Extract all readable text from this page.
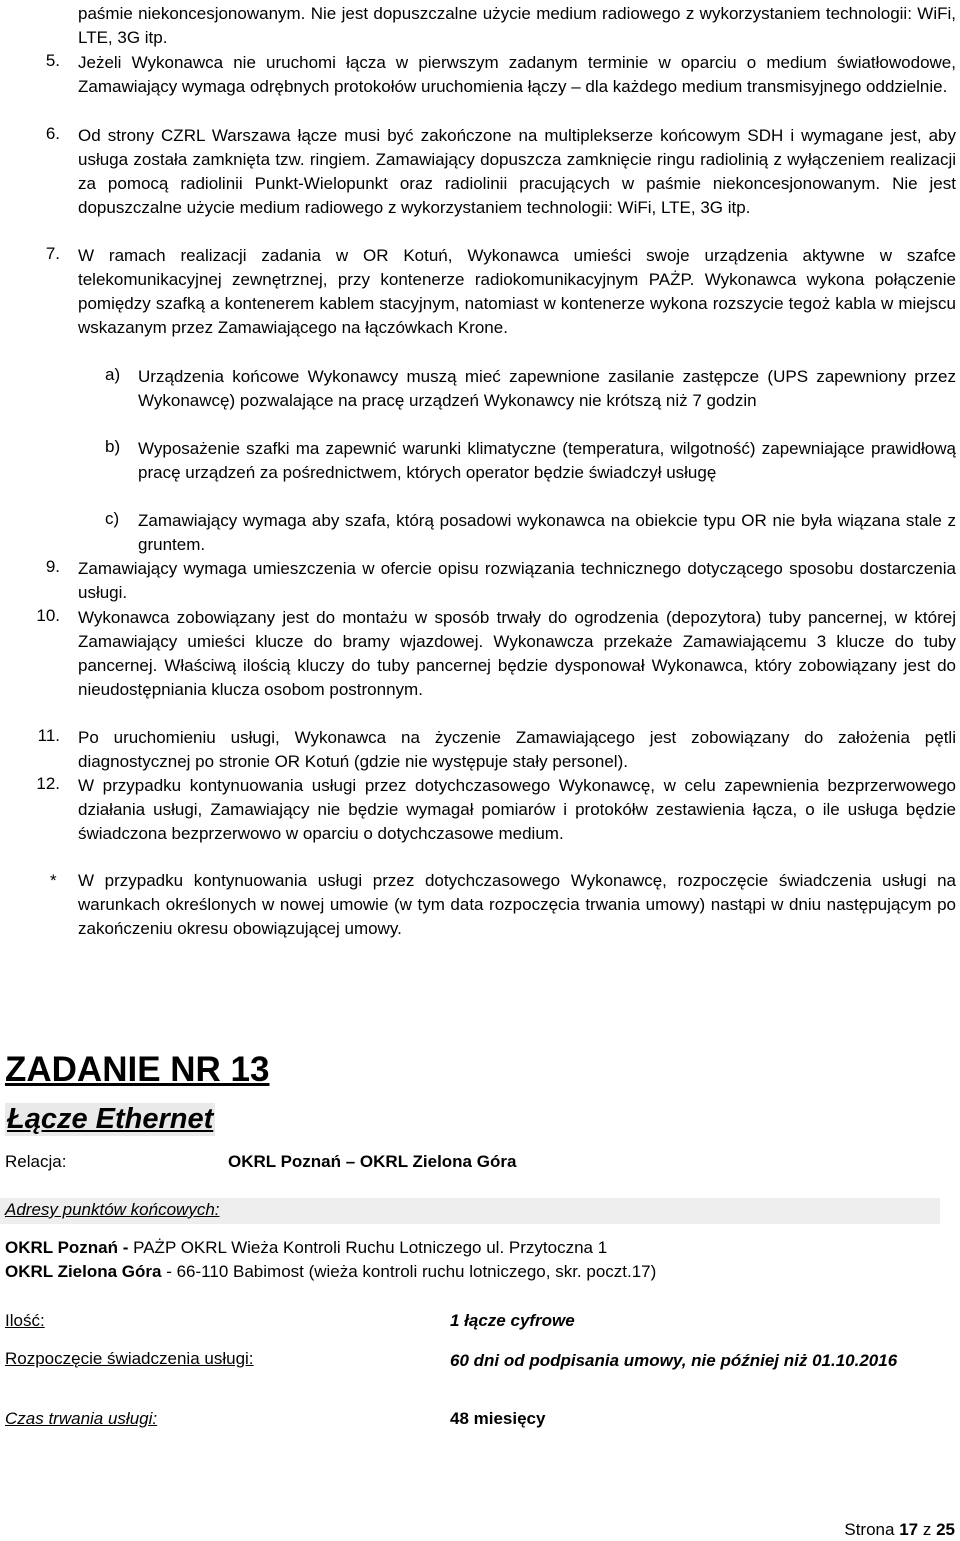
paśmie niekoncesjonowanym. Nie jest dopuszczalne użycie medium radiowego z wykorzystaniem technologii: WiFi, LTE, 3G itp.
5. Jeżeli Wykonawca nie uruchomi łącza w pierwszym zadanym terminie w oparciu o medium światłowodowe, Zamawiający wymaga odrębnych protokołów uruchomienia łączy – dla każdego medium transmisyjnego oddzielnie.
6. Od strony CZRL Warszawa łącze musi być zakończone na multiplekserze końcowym SDH i wymagane jest, aby usługa została zamknięta tzw. ringiem. Zamawiający dopuszcza zamknięcie ringu radiolinią z wyłączeniem realizacji za pomocą radiolinii Punkt-Wielopunkt oraz radiolinii pracujących w paśmie niekoncesjonowanym. Nie jest dopuszczalne użycie medium radiowego z wykorzystaniem technologii: WiFi, LTE, 3G itp.
7. W ramach realizacji zadania w OR Kotuń, Wykonawca umieści swoje urządzenia aktywne w szafce telekomunikacyjnej zewnętrznej, przy kontenerze radiokomunikacyjnym PAŻP. Wykonawca wykona połączenie pomiędzy szafką a kontenerem kablem stacyjnym, natomiast w kontenerze wykona rozszycie tegoż kabla w miejscu wskazanym przez Zamawiającego na łączówkach Krone.
a) Urządzenia końcowe Wykonawcy muszą mieć zapewnione zasilanie zastępcze (UPS zapewniony przez Wykonawcę) pozwalające na pracę urządzeń Wykonawcy nie krótszą niż 7 godzin
b) Wyposażenie szafki ma zapewnić warunki klimatyczne (temperatura, wilgotność) zapewniające prawidłową pracę urządzeń za pośrednictwem, których operator będzie świadczył usługę
c) Zamawiający wymaga aby szafa, którą posadowi wykonawca na obiekcie typu OR nie była wiązana stale z gruntem.
9. Zamawiający wymaga umieszczenia w ofercie opisu rozwiązania technicznego dotyczącego sposobu dostarczenia usługi.
10. Wykonawca zobowiązany jest do montażu w sposób trwały do ogrodzenia (depozytora) tuby pancernej, w której Zamawiający umieści klucze do bramy wjazdowej. Wykonawcza przekaże Zamawiającemu 3 klucze do tuby pancernej. Właściwą ilością kluczy do tuby pancernej będzie dysponował Wykonawca, który zobowiązany jest do nieudostępniania klucza osobom postronnym.
11. Po uruchomieniu usługi, Wykonawca na życzenie Zamawiającego jest zobowiązany do założenia pętli diagnostycznej po stronie OR Kotuń (gdzie nie występuje stały personel).
12. W przypadku kontynuowania usługi przez dotychczasowego Wykonawcę, w celu zapewnienia bezprzerwowego działania usługi, Zamawiający nie będzie wymagał pomiarów i protokółw zestawienia łącza, o ile usługa będzie świadczona bezprzerwowo w oparciu o dotychczasowe medium.
*	W przypadku kontynuowania usługi przez dotychczasowego Wykonawcę, rozpoczęcie świadczenia usługi na warunkach określonych w nowej umowie (w tym data rozpoczęcia trwania umowy) nastąpi w dniu następującym po zakończeniu okresu obowiązującej umowy.
ZADANIE NR 13
Łącze Ethernet
Relacja:	OKRL Poznań – OKRL Zielona Góra
Adresy punktów końcowych:
OKRL Poznań - PAŻP OKRL Wieża Kontroli Ruchu Lotniczego ul. Przytoczna 1
OKRL Zielona Góra - 66-110 Babimost (wieża kontroli ruchu lotniczego, skr. poczt.17)
Ilość:	1 łącze cyfrowe
Rozpoczęcie świadczenia usługi:	60 dni od podpisania umowy, nie później niż 01.10.2016
Czas trwania usługi:	48 miesięcy
Strona 17 z 25
